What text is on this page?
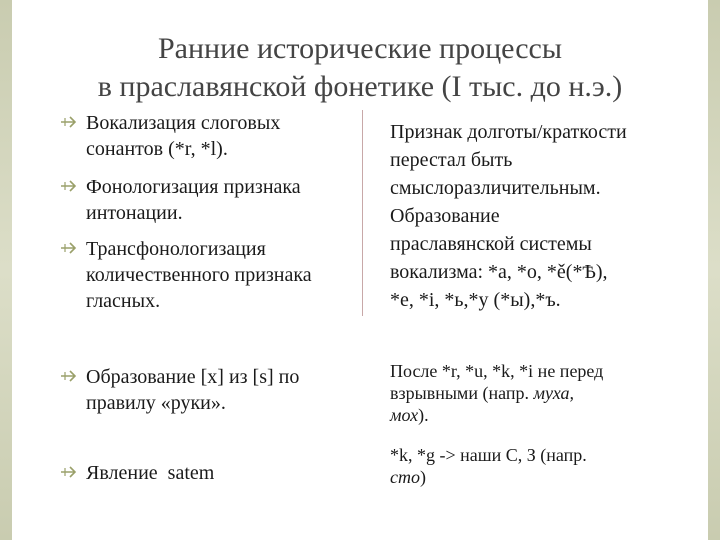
Ранние исторические процессы
в праславянской фонетике (I тыс. до н.э.)
Вокализация слоговых
сонантов (*r, *l).
Фонологизация признака
интонации.
Трансфонологизация
количественного признака
гласных.
Образование [x] из [s] по
правилу «руки».
Явление  satem
Признак долготы/краткости
перестал быть
смыслоразличительным.
Образование
праславянской системы
вокализма: *a, *o, *ě(*Ѣ),
*e, *i, *ь,*y (*ы),*ъ.
После *r, *u, *k, *i не перед
взрывными (напр. муха,
мох).
*k, *g -> наши С, З (напр.
сто)
